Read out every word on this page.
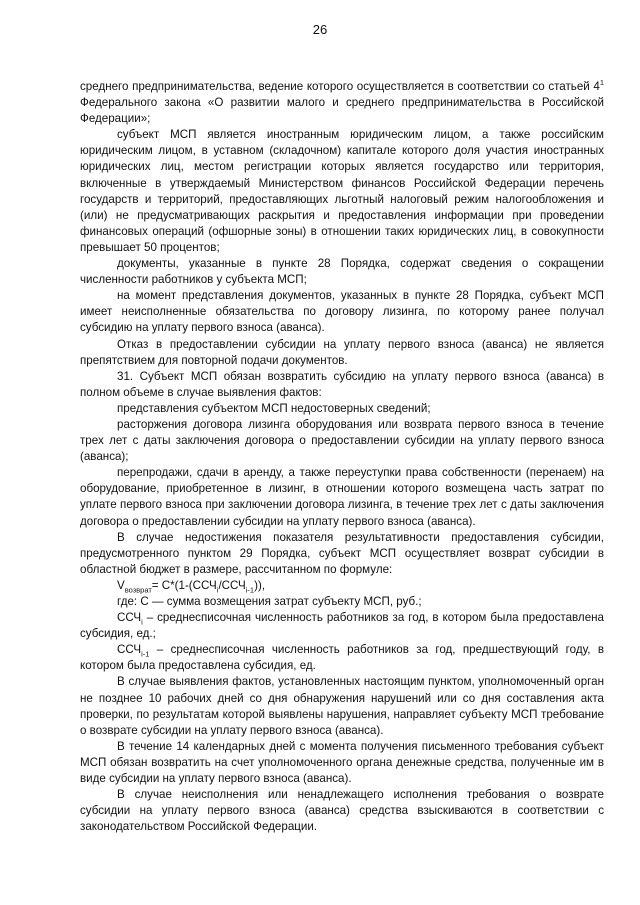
26

среднего предпринимательства, ведение которого осуществляется в соответствии со статьей $4^1$ Федерального закона «О развитии малого и среднего предпринимательства в Российской Федерации»;

субъект МСП является иностранным юридическим лицом, а также российским юридическим лицом, в уставном (складочном) капитале которого доля участия иностранных юридических лиц, местом регистрации которых является государство или территория, включенные в утверждаемый Министерством финансов Российской Федерации перечень государств и территорий, предоставляющих льготный налоговый режим налогообложения и (или) не предусматривающих раскрытия и предоставления информации при проведении финансовых операций (офшорные зоны) в отношении таких юридических лиц, в совокупности превышает 50 процентов;

документы, указанные в пункте 28 Порядка, содержат сведения о сокращении численности работников у субъекта МСП;

на момент представления документов, указанных в пункте 28 Порядка, субъект МСП имеет неисполненные обязательства по договору лизинга, по которому ранее получал субсидию на уплату первого взноса (аванса).

Отказ в предоставлении субсидии на уплату первого взноса (аванса) не является препятствием для повторной подачи документов.

31. Субъект МСП обязан возвратить субсидию на уплату первого взноса (аванса) в полном объеме в случае выявления фактов:

представления субъектом МСП недостоверных сведений;

расторжения договора лизинга оборудования или возврата первого взноса в течение трех лет с даты заключения договора о предоставлении субсидии на уплату первого взноса (аванса);

перепродажи, сдачи в аренду, а также переуступки права собственности (перенаем) на оборудование, приобретенное в лизинг, в отношении которого возмещена часть затрат по уплате первого взноса при заключении договора лизинга, в течение трех лет с даты заключения договора о предоставлении субсидии на уплату первого взноса (аванса).

В случае недостижения показателя результативности предоставления субсидии, предусмотренного пунктом 29 Порядка, субъект МСП осуществляет возврат субсидии в областной бюджет в размере, рассчитанном по формуле:

$V_{возврат}= С*(1-(ССЧ_i/ССЧ_{i-1}))$,

где: С — сумма возмещения затрат субъекту МСП, руб.;

$ССЧ_i$ – среднесписочная численность работников за год, в котором была предоставлена субсидия, ед.;

$ССЧ_{i-1}$ – среднесписочная численность работников за год, предшествующий году, в котором была предоставлена субсидия, ед.

В случае выявления фактов, установленных настоящим пунктом, уполномоченный орган не позднее 10 рабочих дней со дня обнаружения нарушений или со дня составления акта проверки, по результатам которой выявлены нарушения, направляет субъекту МСП требование о возврате субсидии на уплату первого взноса (аванса).

В течение 14 календарных дней с момента получения письменного требования субъект МСП обязан возвратить на счет уполномоченного органа денежные средства, полученные им в виде субсидии на уплату первого взноса (аванса).

В случае неисполнения или ненадлежащего исполнения требования о возврате субсидии на уплату первого взноса (аванса) средства взыскиваются в соответствии с законодательством Российской Федерации.
